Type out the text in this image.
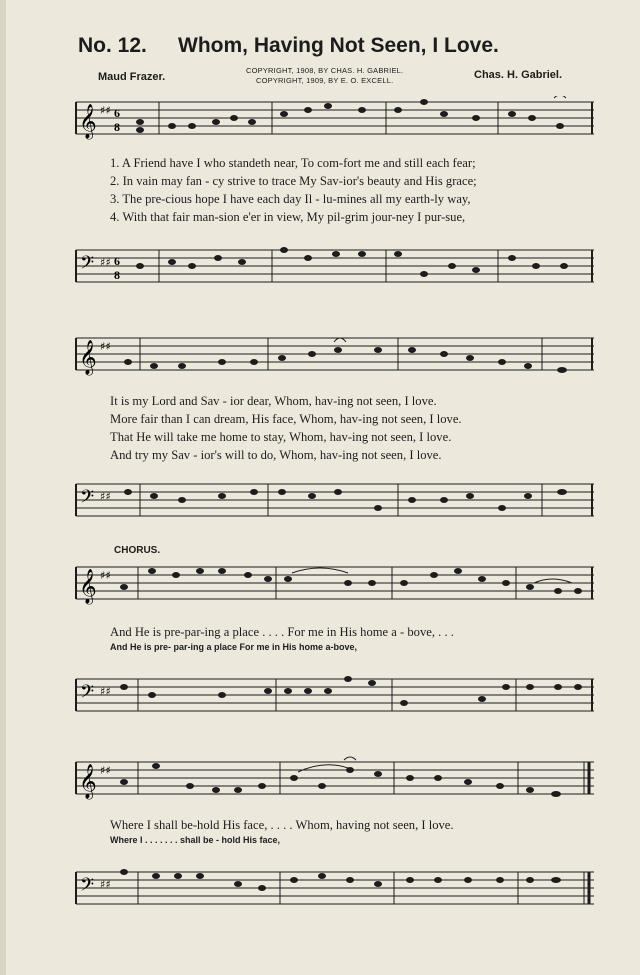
No. 12. Whom, Having Not Seen, I Love.
Maud Frazer.
COPYRIGHT, 1908, BY CHAS. H. GABRIEL.
COPYRIGHT, 1909, BY E. O. EXCELL.	Chas. H. Gabriel.
𝄞 ♯♯ 6
8
1. A Friend have I who standeth near, To com-fort me and still each fear;
2. In vain may fan - cy strive to trace My Sav-ior's beauty and His grace;
3. The pre-cious hope I have each day Il - lu-mines all my earth-ly way,
4. With that fair man-sion e'er in view, My pil-grim jour-ney I pur-sue,
𝄢 ♯♯ 6
8
𝄞 ♯♯
It is my Lord and Sav - ior dear, Whom, hav-ing not seen, I love.
More fair than I can dream, His face, Whom, hav-ing not seen, I love.
That He will take me home to stay, Whom, hav-ing not seen, I love.
And try my Sav - ior's will to do, Whom, hav-ing not seen, I love.
𝄢 ♯♯
CHORUS.
𝄞 ♯♯
And He is pre-par-ing a place . . . . For me in His home a - bove, . . .
And He is pre- par-ing a place For me in His home a-bove,
𝄢 ♯♯
𝄞 ♯♯
Where I shall be-hold His face, . . . . Whom, having not seen, I love.
Where I . . . . . . . shall be - hold His face,
𝄢 ♯♯
